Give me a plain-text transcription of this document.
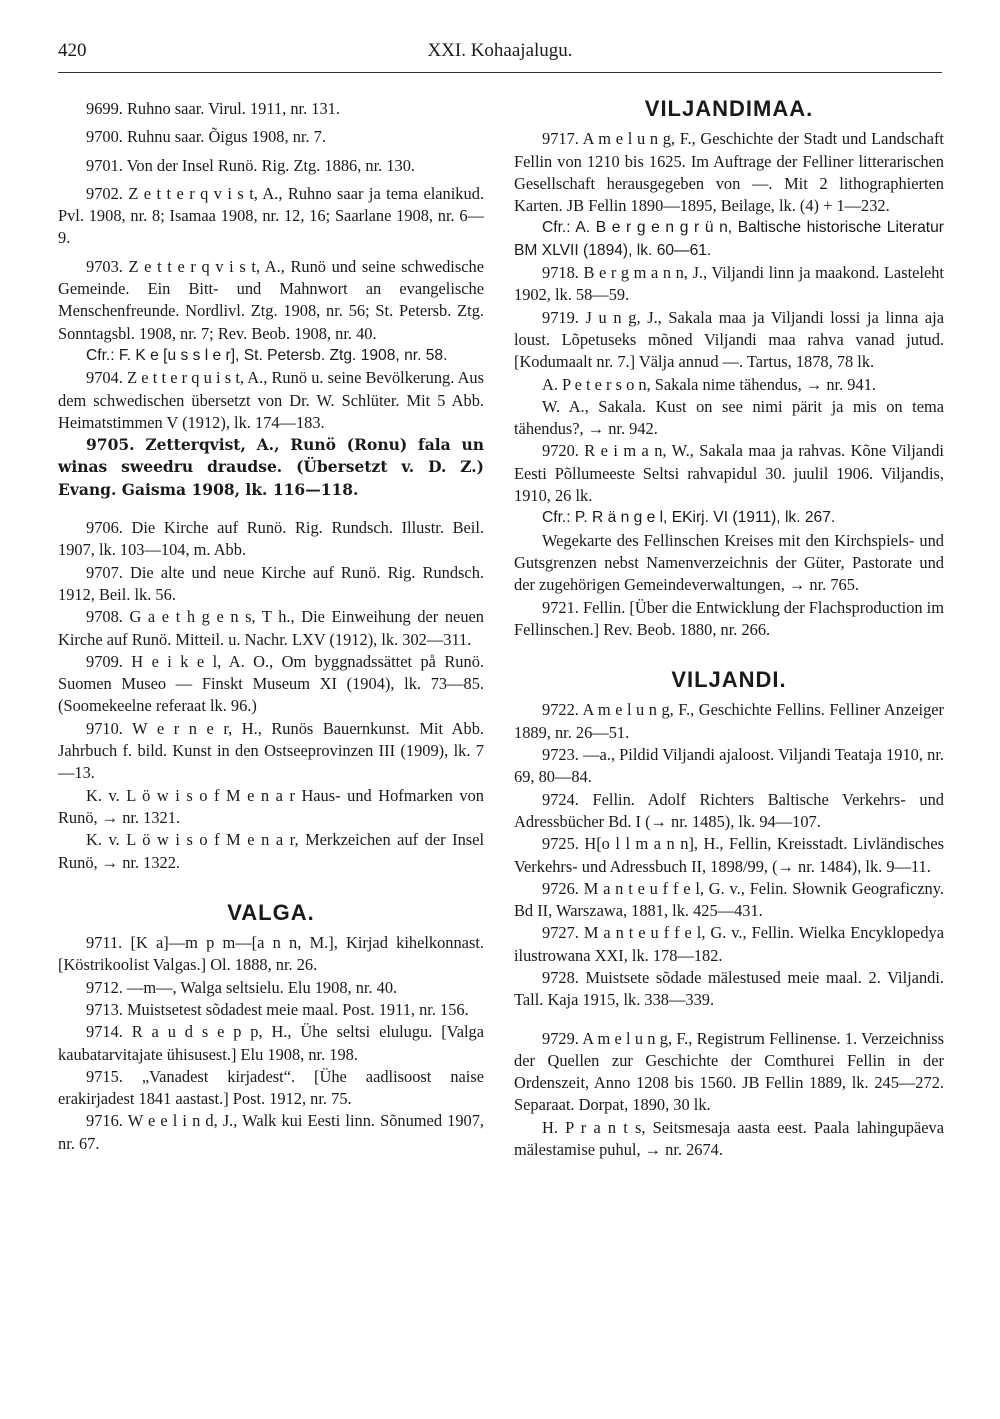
420	XXI. Kohaajalugu.

9699. Ruhno saar. Virul. 1911, nr. 131.

9700. Ruhnu saar. Õigus 1908, nr. 7.

9701. Von der Insel Runö. Rig. Ztg. 1886, nr. 130.

9702. Z e t t e r q v i s t, A., Ruhno saar ja tema elanikud. Pvl. 1908, nr. 8; Isamaa 1908, nr. 12, 16; Saarlane 1908, nr. 6—9.

9703. Z e t t e r q v i s t, A., Runö und seine schwedische Gemeinde. Ein Bitt- und Mahnwort an evangelische Menschenfreunde. Nordlivl. Ztg. 1908, nr. 56; St. Petersb. Ztg. Sonntagsbl. 1908, nr. 7; Rev. Beob. 1908, nr. 40.

Cfr.: F. K e [u s s l e r], St. Petersb. Ztg. 1908, nr. 58.

9704. Z e t t e r q u i s t, A., Runö u. seine Bevölkerung. Aus dem schwedischen übersetzt von Dr. W. Schlüter. Mit 5 Abb. Heimatstimmen V (1912), lk. 174—183.

9705. Zetterqvist, A., Runö (Ronu) fala un winas sweedru draudse. (Übersetzt v. D. Z.) Evang. Gaisma 1908, lk. 116—118.

9706. Die Kirche auf Runö. Rig. Rundsch. Illustr. Beil. 1907, lk. 103—104, m. Abb.

9707. Die alte und neue Kirche auf Runö. Rig. Rundsch. 1912, Beil. lk. 56.

9708. G a e t h g e n s, T h., Die Einweihung der neuen Kirche auf Runö. Mitteil. u. Nachr. LXV (1912), lk. 302—311.

9709. H e i k e l, A. O., Om byggnadssättet på Runö. Suomen Museo — Finskt Museum XI (1904), lk. 73—85. (Soomekeelne referaat lk. 96.)

9710. W e r n e r, H., Runös Bauernkunst. Mit Abb. Jahrbuch f. bild. Kunst in den Ostseeprovinzen III (1909), lk. 7—13.

K. v. L ö w i s o f M e n a r Haus- und Hofmarken von Runö, → nr. 1321.

K. v. L ö w i s o f M e n a r, Merkzeichen auf der Insel Runö, → nr. 1322.

VALGA.

9711. [K a]—m p m—[a n n, M.], Kirjad kihelkonnast. [Köstrikoolist Valgas.] Ol. 1888, nr. 26.

9712. —m—, Walga seltsielu. Elu 1908, nr. 40.

9713. Muistsetest sõdadest meie maal. Post. 1911, nr. 156.

9714. R a u d s e p p, H., Ühe seltsi elulugu. [Valga kaubatarvitajate ühisusest.] Elu 1908, nr. 198.

9715. „Vanadest kirjadest“. [Ühe aadlisoost naise erakirjadest 1841 aastast.] Post. 1912, nr. 75.

9716. W e e l i n d, J., Walk kui Eesti linn. Sõnumed 1907, nr. 67.

VILJANDIMAA.

9717. A m e l u n g, F., Geschichte der Stadt und Landschaft Fellin von 1210 bis 1625. Im Auftrage der Felliner litterarischen Gesellschaft herausgegeben von —. Mit 2 lithographierten Karten. JB Fellin 1890—1895, Beilage, lk. (4) + 1—232.

Cfr.: A. B e r g e n g r ü n, Baltische historische Literatur BM XLVII (1894), lk. 60—61.

9718. B e r g m a n n, J., Viljandi linn ja maakond. Lasteleht 1902, lk. 58—59.

9719. J u n g, J., Sakala maa ja Viljandi lossi ja linna aja loust. Lõpetuseks mõned Viljandi maa rahva vanad jutud. [Kodumaalt nr. 7.] Välja annud —. Tartus, 1878, 78 lk.

A. P e t e r s o n, Sakala nime tähendus, → nr. 941.

W. A., Sakala. Kust on see nimi pärit ja mis on tema tähendus?, → nr. 942.

9720. R e i m a n, W., Sakala maa ja rahvas. Kõne Viljandi Eesti Põllumeeste Seltsi rahvapidul 30. juulil 1906. Viljandis, 1910, 26 lk.

Cfr.: P. R ä n g e l, EKirj. VI (1911), lk. 267.

Wegekarte des Fellinschen Kreises mit den Kirchspiels- und Gutsgrenzen nebst Namenverzeichnis der Güter, Pastorate und der zugehörigen Gemeindeverwaltungen, → nr. 765.

9721. Fellin. [Über die Entwicklung der Flachsproduction im Fellinschen.] Rev. Beob. 1880, nr. 266.

VILJANDI.

9722. A m e l u n g, F., Geschichte Fellins. Felliner Anzeiger 1889, nr. 26—51.

9723. —a., Pildid Viljandi ajaloost. Viljandi Teataja 1910, nr. 69, 80—84.

9724. Fellin. Adolf Richters Baltische Verkehrs- und Adressbücher Bd. I (→ nr. 1485), lk. 94—107.

9725. H[o l l m a n n], H., Fellin, Kreisstadt. Livländisches Verkehrs- und Adressbuch II, 1898/99, (→ nr. 1484), lk. 9—11.

9726. M a n t e u f f e l, G. v., Felin. Słownik Geograficzny. Bd II, Warszawa, 1881, lk. 425—431.

9727. M a n t e u f f e l, G. v., Fellin. Wielka Encyklopedya ilustrowana XXI, lk. 178—182.

9728. Muistsete sõdade mälestused meie maal. 2. Viljandi. Tall. Kaja 1915, lk. 338—339.

9729. A m e l u n g, F., Registrum Fellinense. 1. Verzeichniss der Quellen zur Geschichte der Comthurei Fellin in der Ordenszeit, Anno 1208 bis 1560. JB Fellin 1889, lk. 245—272. Separaat. Dorpat, 1890, 30 lk.

H. P r a n t s, Seitsmesaja aasta eest. Paala lahingupäeva mälestamise puhul, → nr. 2674.
